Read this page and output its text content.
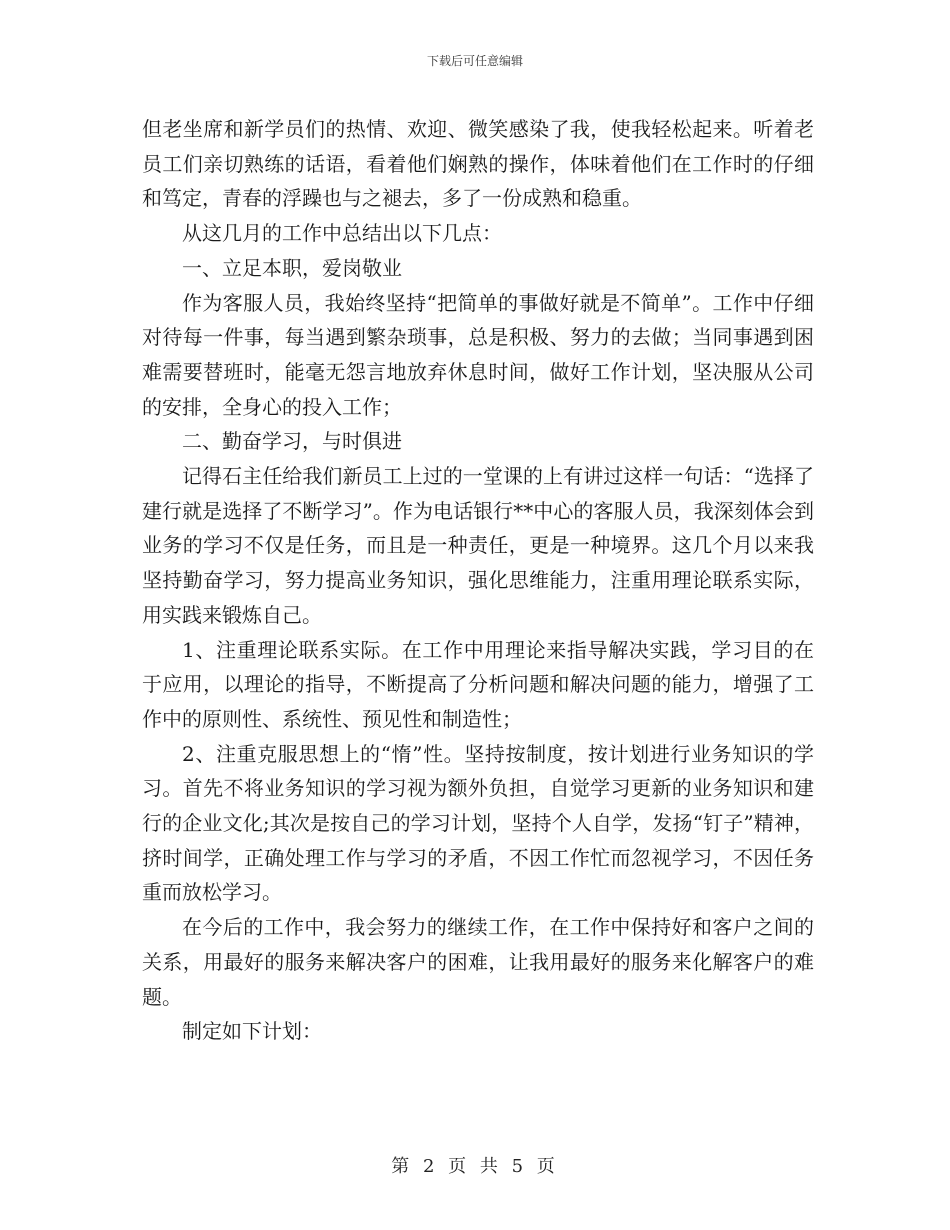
下载后可任意编辑

但老坐席和新学员们的热情、欢迎、微笑感染了我，使我轻松起来。听着老员工们亲切熟练的话语，看着他们娴熟的操作，体味着他们在工作时的仔细和笃定，青春的浮躁也与之褪去，多了一份成熟和稳重。

从这几月的工作中总结出以下几点：

一、立足本职，爱岗敬业

作为客服人员，我始终坚持“把简单的事做好就是不简单”。工作中仔细对待每一件事，每当遇到繁杂琐事，总是积极、努力的去做；当同事遇到困难需要替班时，能毫无怨言地放弃休息时间，做好工作计划，坚决服从公司的安排，全身心的投入工作；

二、勤奋学习，与时俱进

记得石主任给我们新员工上过的一堂课的上有讲过这样一句话：“选择了建行就是选择了不断学习”。作为电话银行**中心的客服人员，我深刻体会到业务的学习不仅是任务，而且是一种责任，更是一种境界。这几个月以来我坚持勤奋学习，努力提高业务知识，强化思维能力，注重用理论联系实际，用实践来锻炼自己。

1、注重理论联系实际。在工作中用理论来指导解决实践，学习目的在于应用，以理论的指导，不断提高了分析问题和解决问题的能力，增强了工作中的原则性、系统性、预见性和制造性；

2、注重克服思想上的“惰”性。坚持按制度，按计划进行业务知识的学习。首先不将业务知识的学习视为额外负担，自觉学习更新的业务知识和建行的企业文化;其次是按自己的学习计划，坚持个人自学，发扬“钉子”精神，挤时间学，正确处理工作与学习的矛盾，不因工作忙而忽视学习，不因任务重而放松学习。

在今后的工作中，我会努力的继续工作，在工作中保持好和客户之间的关系，用最好的服务来解决客户的困难，让我用最好的服务来化解客户的难题。

制定如下计划：

第 2 页 共 5 页
